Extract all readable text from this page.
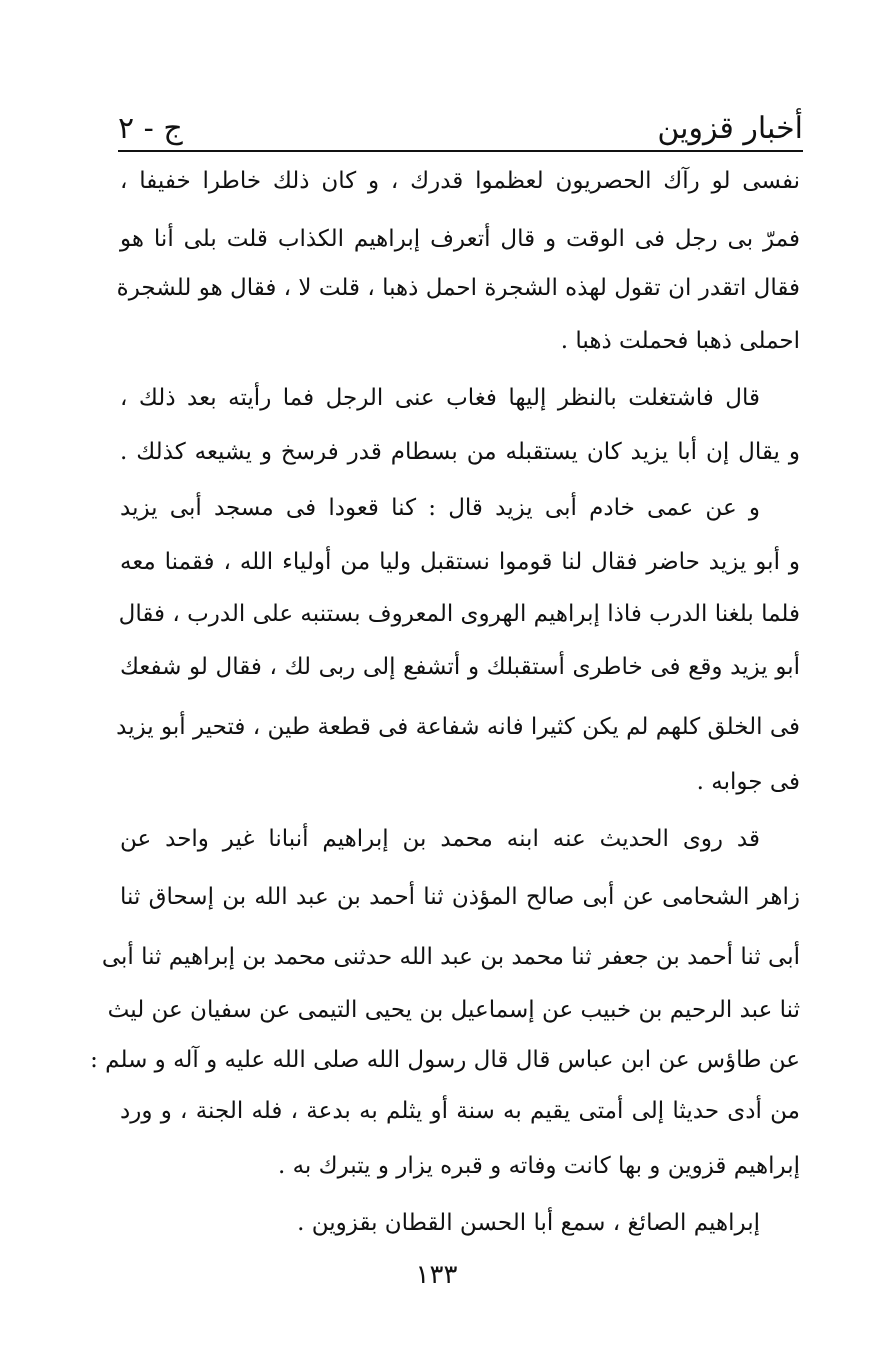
أخبار قزوين
ج - ٢
نفسى لو رآك الحصريون لعظموا قدرك ، و كان ذلك خاطرا خفيفا ،
فمرّ بى رجل فى الوقت و قال أتعرف إبراهيم الكذاب قلت بلى أنا هو
فقال اتقدر ان تقول لهذه الشجرة احمل ذهبا ، قلت لا ، فقال هو للشجرة
احملى ذهبا فحملت ذهبا .
قال فاشتغلت بالنظر إليها فغاب عنى الرجل فما رأيته بعد ذلك ،
و يقال إن أبا يزيد كان يستقبله من بسطام قدر فرسخ و يشيعه كذلك .
و عن عمى خادم أبى يزيد قال : كنا قعودا فى مسجد أبى يزيد
و أبو يزيد حاضر فقال لنا قوموا نستقبل وليا من أولياء الله ، فقمنا معه
فلما بلغنا الدرب فاذا إبراهيم الهروى المعروف بستنبه على الدرب ، فقال
أبو يزيد وقع فى خاطرى أستقبلك و أتشفع إلى ربى لك ، فقال لو شفعك
فى الخلق كلهم لم يكن كثيرا فانه شفاعة فى قطعة طين ، فتحير أبو يزيد
فى جوابه .
قد روى الحديث عنه ابنه محمد بن إبراهيم أنبانا غير واحد عن
زاهر الشحامى عن أبى صالح المؤذن ثنا أحمد بن عبد الله بن إسحاق ثنا
أبى ثنا أحمد بن جعفر ثنا محمد بن عبد الله حدثنى محمد بن إبراهيم ثنا أبى
ثنا عبد الرحيم بن خبيب عن إسماعيل بن يحيى التيمى عن سفيان عن ليث
عن طاؤس عن ابن عباس قال قال رسول الله صلى الله عليه و آله و سلم :
من أدى حديثا إلى أمتى يقيم به سنة أو يثلم به بدعة ، فله الجنة ، و ورد
إبراهيم قزوين و بها كانت وفاته و قبره يزار و يتبرك به .
إبراهيم الصائغ ، سمع أبا الحسن القطان بقزوين .
١٣٣
